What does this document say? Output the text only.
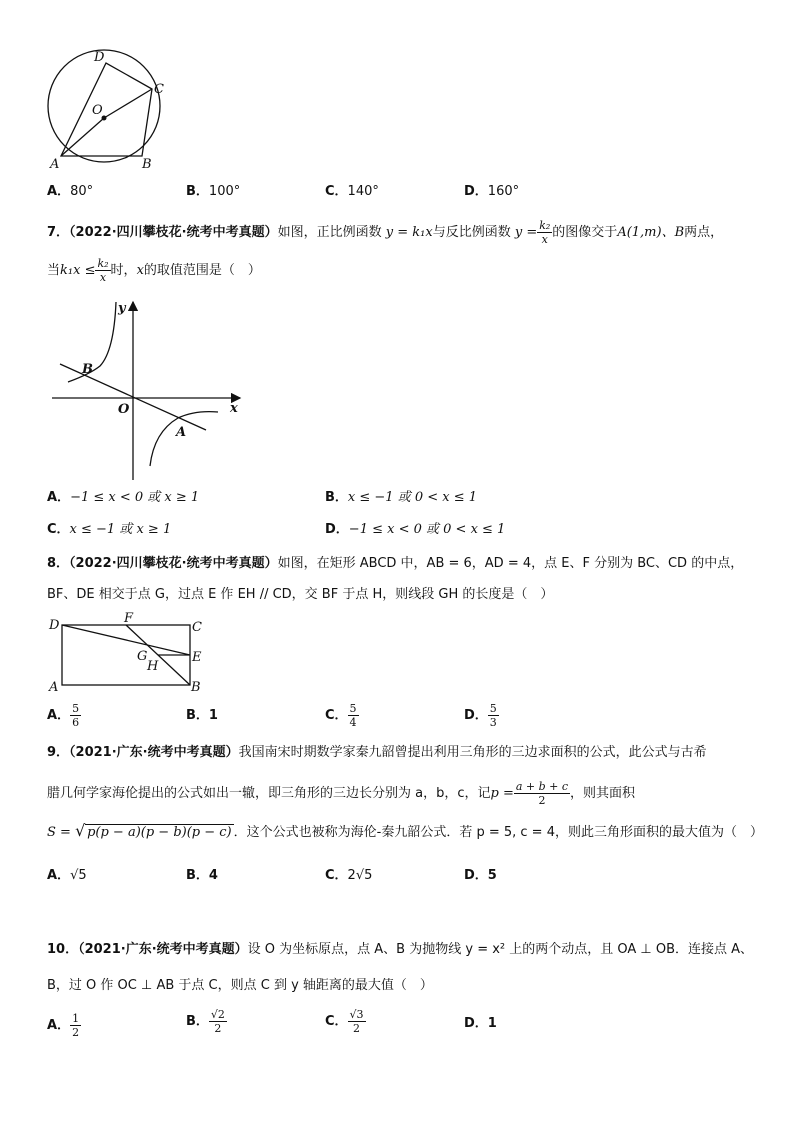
D
C
O
A	B
A．80°	B．100°	C．140°	D．160°
7．（2022·四川攀枝花·统考中考真题）如图，正比例函数 y = k₁x与反比例函数 $y = \frac{\text{k₂}}{x}$ 的图像交于A(1,m)、B两点，
当$k_1x \le \frac{\text{k₂}}{x}$ 时，x的取值范围是（　）
y
x
O
B
A
A．−1 ≤ x < 0 或 x ≥ 1	B．x ≤ −1 或 0 < x ≤ 1
C．x ≤ −1 或 x ≥ 1	D．−1 ≤ x < 0 或 0 < x ≤ 1
8．（2022·四川攀枝花·统考中考真题）如图，在矩形 ABCD 中，AB = 6，AD = 4，点 E、F 分别为 BC、CD 的中点，
BF、DE 相交于点 G，过点 E 作 EH // CD，交 BF 于点 H，则线段 GH 的长度是（　）
D	F
C
G
H
E
A	B
A． $\frac{5}{6}$	B．1	C． $\frac{5}{4}$	D． $\frac{5}{3}$
9．（2021·广东·统考中考真题）我国南宋时期数学家秦九韶曾提出利用三角形的三边求面积的公式，此公式与古希
腊几何学家海伦提出的公式如出一辙，即三角形的三边长分别为 a，b，c，记$p = \frac{a + b + c}{2}$ ，则其面积
S = √ p(p − a)(p − b)(p − c) ．这个公式也被称为海伦-秦九韶公式．若 p = 5, c = 4，则此三角形面积的最大值为（　）
A．√5	B．4	C．2√5	D．5
10．（2021·广东·统考中考真题）设 O 为坐标原点，点 A、B 为抛物线 y = x² 上的两个动点，且 OA ⊥ OB．连接点 A、
B，过 O 作 OC ⊥ AB 于点 C，则点 C 到 y 轴距离的最大值（　）
A． $\frac{1}{2}$	B． $\frac{√2}{2}$	C． $\frac{√3}{2}$	D．1
